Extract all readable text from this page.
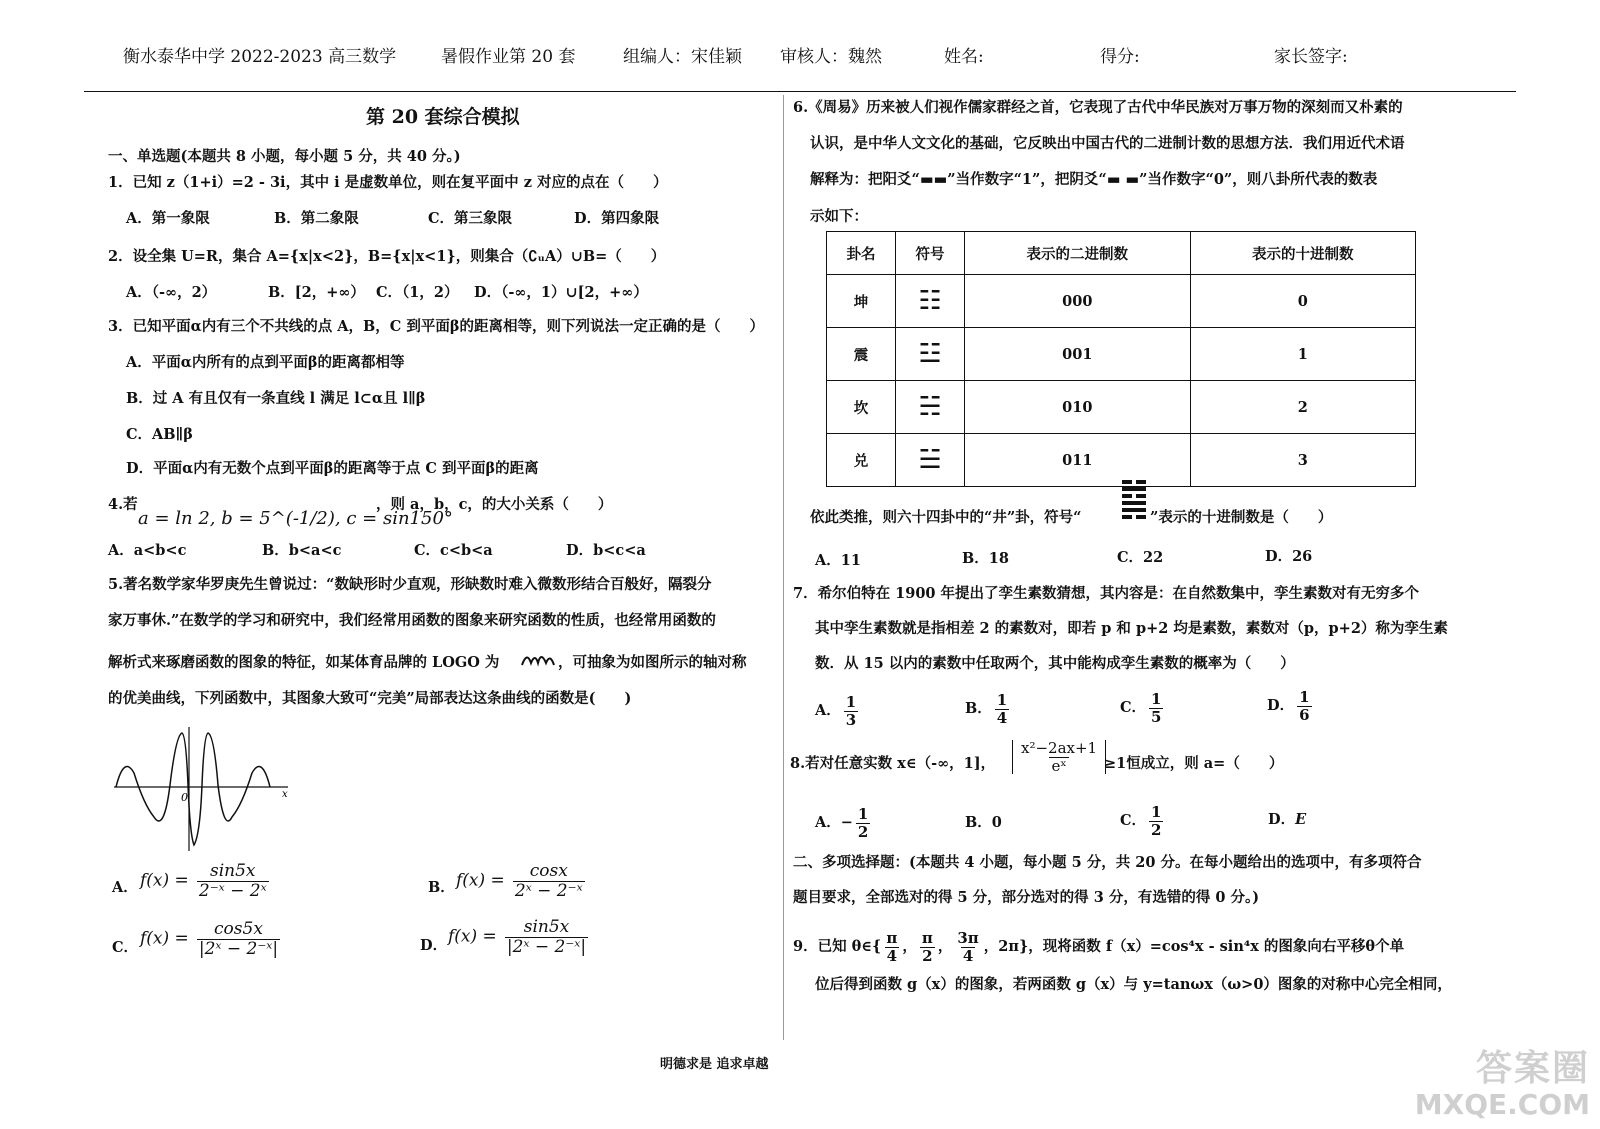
衡水泰华中学 2022-2023 高三数学	暑假作业第 20 套	组编人：宋佳颖 审核人：魏然	姓名:	得分:	家长签字:
第 20 套综合模拟
一、单选题(本题共 8 小题，每小题 5 分，共 40 分。)
1．已知 z（1+i）=2 - 3i，其中 i 是虚数单位，则在复平面中 z 对应的点在（　　）
A．第一象限	B．第二象限	C．第三象限	D．第四象限
2．设全集 U=R，集合 A={x|x<2}，B={x|x<1}，则集合（∁ᵤA）∪B=（　　）
A．（-∞，2）	B．[2，+∞） C．（1，2） D．（-∞，1）∪[2，+∞）
3．已知平面α内有三个不共线的点 A，B，C 到平面β的距离相等，则下列说法一定正确的是（　　）
A．平面α内所有的点到平面β的距离都相等
B．过 A 有且仅有一条直线 l 满足 l⊂α且 l∥β
C．AB∥β
D．平面α内有无数个点到平面β的距离等于点 C 到平面β的距离
4.若
a = ln 2, b = 5^(-1/2), c = sin150°
，则 a，b，c，的大小关系（　　）
A．a<b<c	B．b<a<c	C．c<b<a	D．b<c<a
5.著名数学家华罗庚先生曾说过：“数缺形时少直观，形缺数时难入微数形结合百般好，隔裂分
家万事休.”在数学的学习和研究中，我们经常用函数的图象来研究函数的性质，也经常用函数的
解析式来琢磨函数的图象的特征，如某体育品牌的 LOGO 为	，可抽象为如图所示的轴对称
的优美曲线，下列函数中，其图象大致可“完美”局部表达这条曲线的函数是(　　)
0	x
A． $f(x) = \frac{\sin 5x}{\text{2⁻ˣ − 2ˣ}}$	B． $f(x) = \frac{\cos x}{\text{2ˣ − 2⁻ˣ}}$
C． $f(x) = \frac{\cos 5x}{\text{|2ˣ − 2⁻ˣ|}}$	D． $f(x) = \frac{\sin 5x}{\text{|2ˣ − 2⁻ˣ|}}$
6.《周易》历来被人们视作儒家群经之首，它表现了古代中华民族对万事万物的深刻而又朴素的
认识，是中华人文文化的基础，它反映出中国古代的二进制计数的思想方法．我们用近代术语
解释为：把阳爻“▬▬”当作数字“1”，把阴爻“▬ ▬”当作数字“0”，则八卦所代表的数表
示如下：
卦名	符号	表示的二进制数	表示的十进制数
坤	☷	000	0
震	☳	001	1
坎	☵	010	2
兑	☱	011	3
依此类推，则六十四卦中的“井”卦，符号“	”表示的十进制数是（　　）
A．11	B．18	C．22	D．26
7．希尔伯特在 1900 年提出了孪生素数猜想，其内容是：在自然数集中，孪生素数对有无穷多个
其中孪生素数就是指相差 2 的素数对，即若 p 和 p+2 均是素数，素数对（p，p+2）称为孪生素
数．从 15 以内的素数中任取两个，其中能构成孪生素数的概率为（　　）
A． $\frac{1}{3}$	B． $\frac{1}{4}$	C． $\frac{1}{5}$	D． $\frac{1}{6}$
8.若对任意实数 x∈（-∞，1]， $\frac{\text{x²−2ax+1}}{\text{eˣ}} \ge 1$恒成立，则 a=（　　）
A．− $\frac{1}{2}$	B．0	C． $\frac{1}{2}$	D．E
二、多项选择题：(本题共 4 小题，每小题 5 分，共 20 分。在每小题给出的选项中，有多项符合
题目要求，全部选对的得 5 分，部分选对的得 3 分，有选错的得 0 分。)
9．已知 θ∈{ $\frac{\pi}{4}$ ， $\frac{\pi}{2}$ ， $\frac{3\pi}{4}$ ，2π}，现将函数 f（x）=cos⁴x - sin⁴x 的图象向右平移θ个单
位后得到函数 g（x）的图象，若两函数 g（x）与 y=tanωx（ω>0）图象的对称中心完全相同，
明德求是 追求卓越	答案圈
MXQE.COM
